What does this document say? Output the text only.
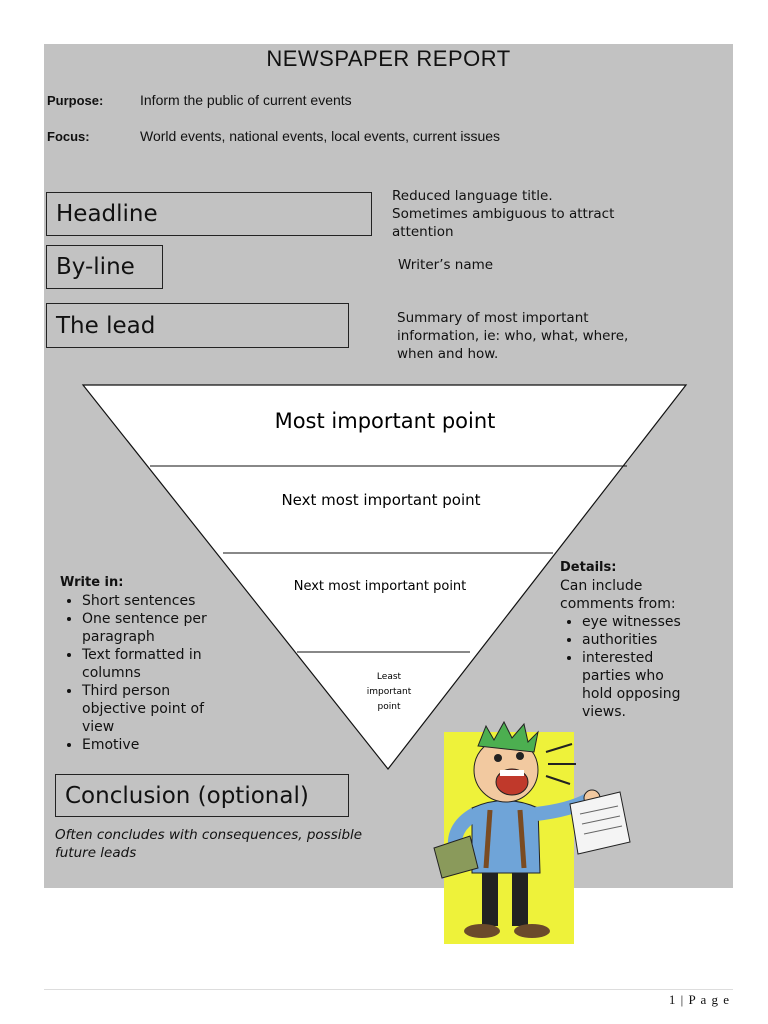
NEWSPAPER REPORT
Purpose:	Inform the public of current events
Focus:	World events, national events, local events, current issues
Headline
By-line
The lead
Reduced language title.
Sometimes ambiguous to attract
attention
Writer’s name
Summary of most important
information, ie: who, what, where,
when and how.
Most important point
Next most important point
Next most important point
Least
important
point
Write in:
• Short sentences
• One sentence per paragraph
• Text formatted in columns
• Third person objective point of view
• Emotive
Details:
Can include comments from:
• eye witnesses
• authorities
• interested parties who hold opposing views.
Conclusion (optional)
Often concludes with consequences, possible future leads
1 | P a g e
